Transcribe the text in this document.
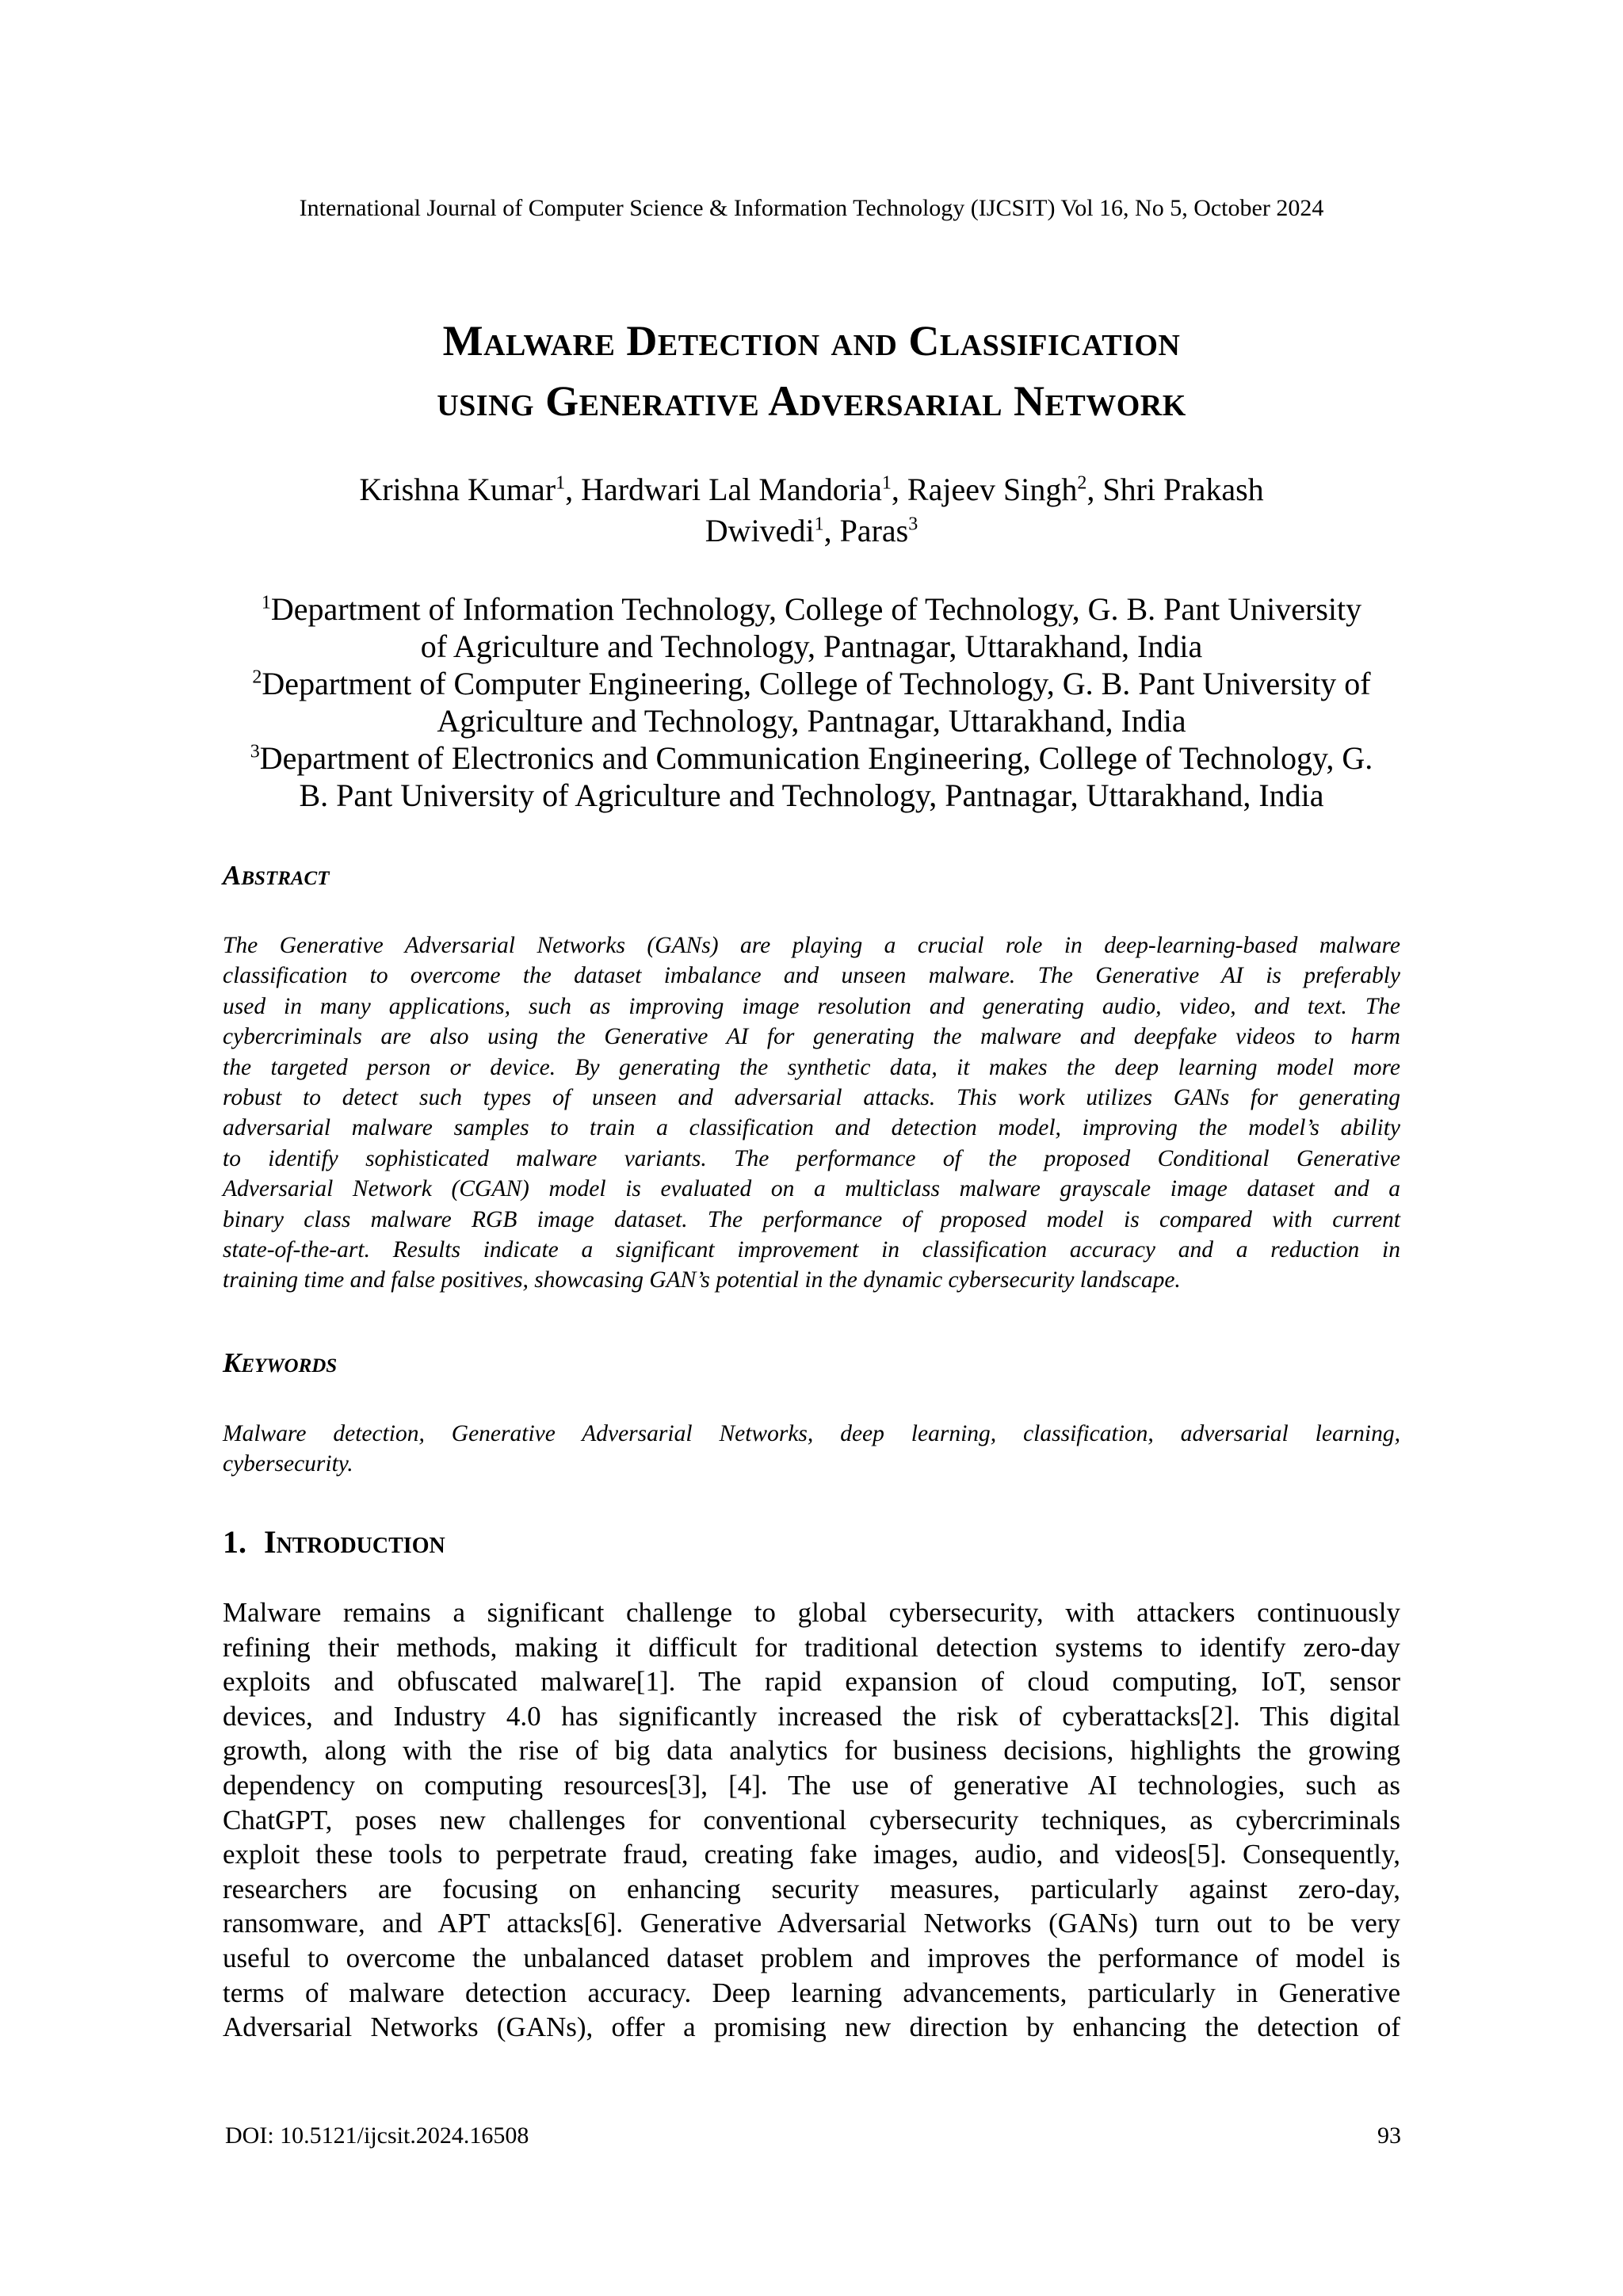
International Journal of Computer Science & Information Technology (IJCSIT) Vol 16, No 5, October 2024
Malware Detection and Classification
using Generative Adversarial Network
Krishna Kumar$^1$, Hardwari Lal Mandoria$^1$, Rajeev Singh$^2$, Shri Prakash
Dwivedi$^1$, Paras$^3$
$^1$Department of Information Technology, College of Technology, G. B. Pant University
of Agriculture and Technology, Pantnagar, Uttarakhand, India
$^2$Department of Computer Engineering, College of Technology, G. B. Pant University of
Agriculture and Technology, Pantnagar, Uttarakhand, India
$^3$Department of Electronics and Communication Engineering, College of Technology, G.
B. Pant University of Agriculture and Technology, Pantnagar, Uttarakhand, India
Abstract
The Generative Adversarial Networks (GANs) are playing a crucial role in deep-learning-based malware
classification to overcome the dataset imbalance and unseen malware. The Generative AI is preferably
used in many applications, such as improving image resolution and generating audio, video, and text. The
cybercriminals are also using the Generative AI for generating the malware and deepfake videos to harm
the targeted person or device. By generating the synthetic data, it makes the deep learning model more
robust to detect such types of unseen and adversarial attacks. This work utilizes GANs for generating
adversarial malware samples to train a classification and detection model, improving the model’s ability
to identify sophisticated malware variants. The performance of the proposed Conditional Generative
Adversarial Network (CGAN) model is evaluated on a multiclass malware grayscale image dataset and a
binary class malware RGB image dataset. The performance of proposed model is compared with current
state-of-the-art. Results indicate a significant improvement in classification accuracy and a reduction in
training time and false positives, showcasing GAN’s potential in the dynamic cybersecurity landscape.
Keywords
Malware detection, Generative Adversarial Networks, deep learning, classification, adversarial learning,
cybersecurity.
1. Introduction
Malware remains a significant challenge to global cybersecurity, with attackers continuously
refining their methods, making it difficult for traditional detection systems to identify zero-day
exploits and obfuscated malware[1]. The rapid expansion of cloud computing, IoT, sensor
devices, and Industry 4.0 has significantly increased the risk of cyberattacks[2]. This digital
growth, along with the rise of big data analytics for business decisions, highlights the growing
dependency on computing resources[3], [4]. The use of generative AI technologies, such as
ChatGPT, poses new challenges for conventional cybersecurity techniques, as cybercriminals
exploit these tools to perpetrate fraud, creating fake images, audio, and videos[5]. Consequently,
researchers are focusing on enhancing security measures, particularly against zero-day,
ransomware, and APT attacks[6]. Generative Adversarial Networks (GANs) turn out to be very
useful to overcome the unbalanced dataset problem and improves the performance of model is
terms of malware detection accuracy. Deep learning advancements, particularly in Generative
Adversarial Networks (GANs), offer a promising new direction by enhancing the detection of
DOI: 10.5121/ijcsit.2024.16508	93
